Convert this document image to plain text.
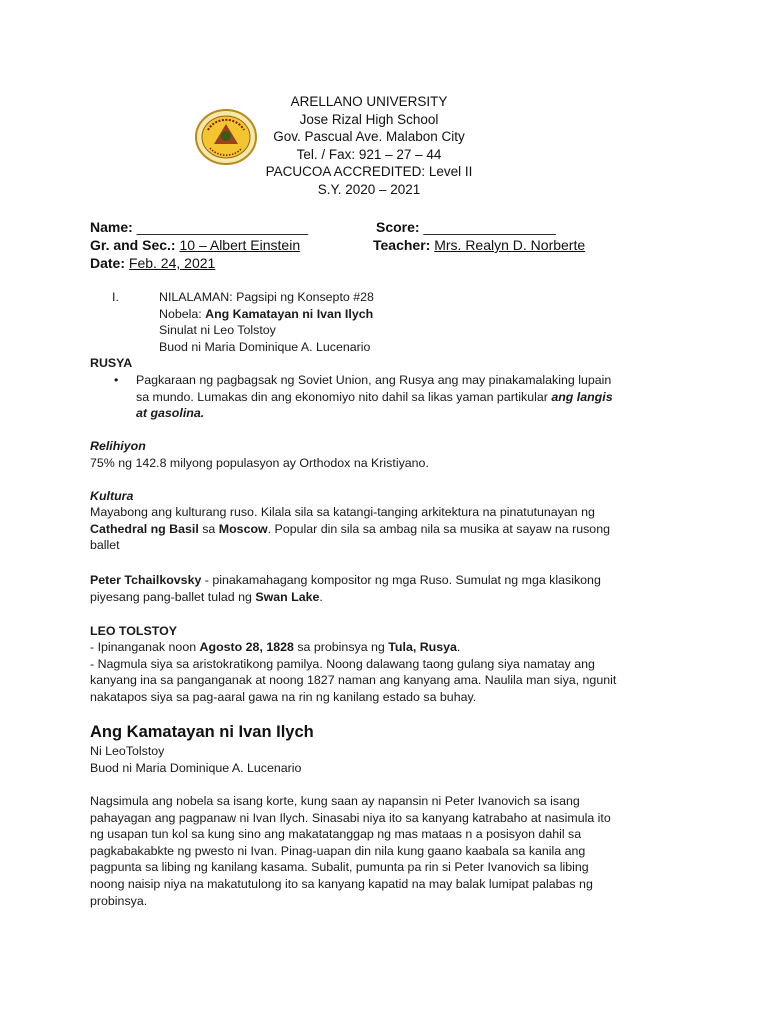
ARELLANO UNIVERSITY
Jose Rizal High School
Gov. Pascual Ave. Malabon City
Tel. / Fax: 921 – 27 – 44
PACUCOA ACCREDITED: Level II
S.Y. 2020 – 2021
Name: ______________________	Score: _________________
Gr. and Sec.: 10 – Albert Einstein	Teacher: Mrs. Realyn D. Norberte
Date: Feb. 24, 2021
I.	NILALAMAN: Pagsipi ng Konsepto #28
Nobela: Ang Kamatayan ni Ivan Ilych
Sinulat ni Leo Tolstoy
Buod ni Maria Dominique A. Lucenario
RUSYA
• Pagkaraan ng pagbagsak ng Soviet Union, ang Rusya ang may pinakamalaking lupain
sa mundo. Lumakas din ang ekonomiyo nito dahil sa likas yaman partikular ang langis
at gasolina.
Relihiyon
75% ng 142.8 milyong populasyon ay Orthodox na Kristiyano.
Kultura
Mayabong ang kulturang ruso. Kilala sila sa katangi-tanging arkitektura na pinatutunayan ng
Cathedral ng Basil sa Moscow. Popular din sila sa ambag nila sa musika at sayaw na rusong
ballet
Peter Tchailkovsky - pinakamahagang kompositor ng mga Ruso. Sumulat ng mga klasikong
piyesang pang-ballet tulad ng Swan Lake.
LEO TOLSTOY
- Ipinanganak noon Agosto 28, 1828 sa probinsya ng Tula, Rusya.
- Nagmula siya sa aristokratikong pamilya. Noong dalawang taong gulang siya namatay ang
kanyang ina sa panganganak at noong 1827 naman ang kanyang ama. Naulila man siya, ngunit
nakatapos siya sa pag-aaral gawa na rin ng kanilang estado sa buhay.
Ang Kamatayan ni Ivan Ilych
Ni LeoTolstoy
Buod ni Maria Dominique A. Lucenario
Nagsimula ang nobela sa isang korte, kung saan ay napansin ni Peter Ivanovich sa isang
pahayagan ang pagpanaw ni Ivan Ilych. Sinasabi niya ito sa kanyang katrabaho at nasimula ito
ng usapan tun kol sa kung sino ang makatatanggap ng mas mataas n a posisyon dahil sa
pagkabakabkte ng pwesto ni Ivan. Pinag-uapan din nila kung gaano kaabala sa kanila ang
pagpunta sa libing ng kanilang kasama. Subalit, pumunta pa rin si Peter Ivanovich sa libing
noong naisip niya na makatutulong ito sa kanyang kapatid na may balak lumipat palabas ng
probinsya.
